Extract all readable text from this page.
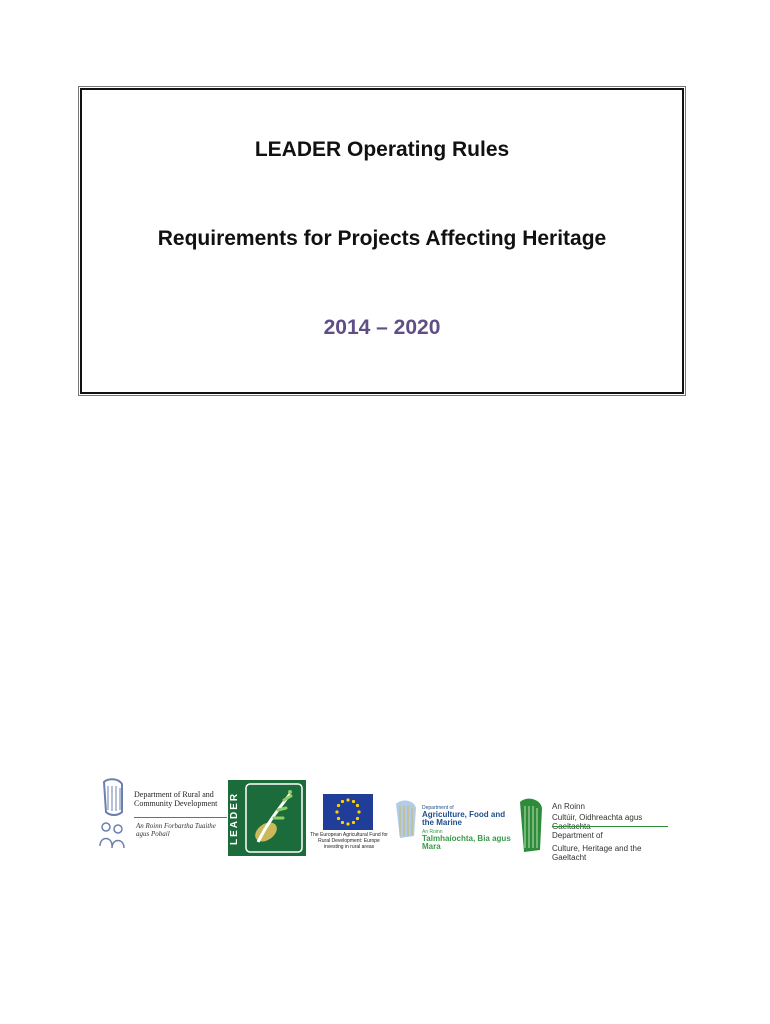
LEADER Operating Rules
Requirements for Projects Affecting Heritage
2014 – 2020
Department of Rural and Community Development
An Roinn Forbartha Tuaithe agus Pobail	LEADER	The European Agricultural Fund for Rural Development: Europe investing in rural areas
Department of
Agriculture, Food and the Marine
An Roinn
Talmhaíochta, Bia agus Mara
An Roinn
Cultúir, Oidhreachta agus
Department of
Culture, Heritage and the Gaeltacht
